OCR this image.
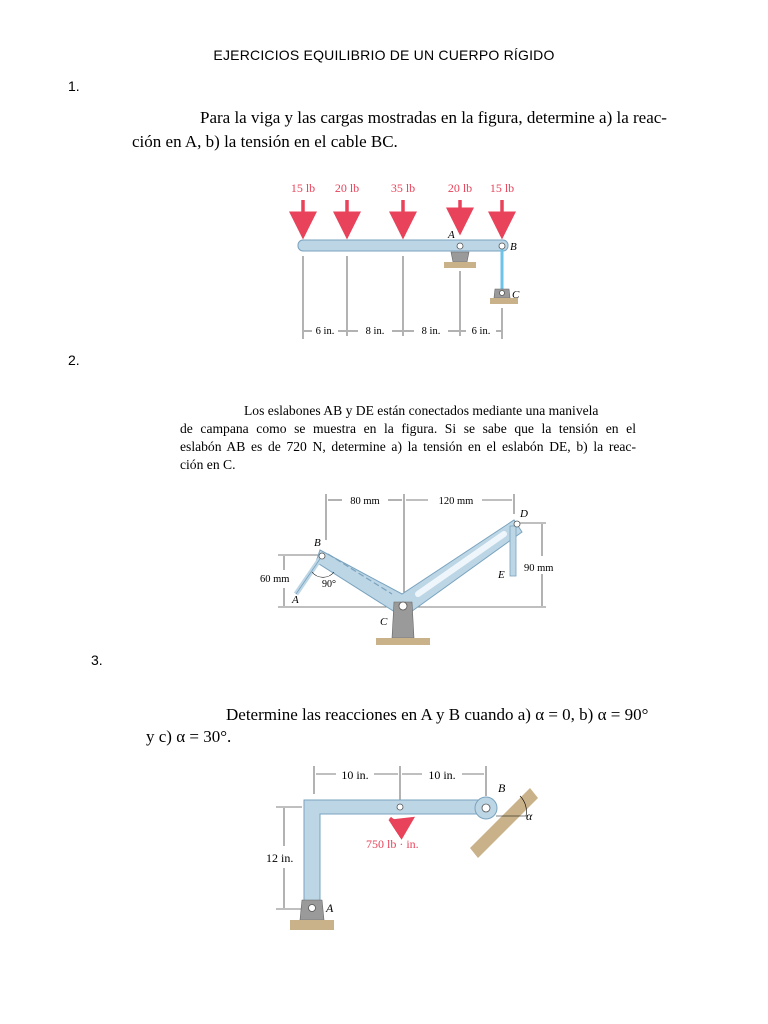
EJERCICIOS EQUILIBRIO DE UN CUERPO RÍGIDO
1.
Para la viga y las cargas mostradas en la figura, determine a) la reac-
ción en A, b) la tensión en el cable BC.
15 lb 20 lb	35 lb	20 lb 15 lb
A
B
C
6 in.	8 in.	8 in.	6 in.
2.
Los eslabones AB y DE están conectados mediante una manivela
de campana como se muestra en la figura. Si se sabe que la tensión en el
eslabón AB es de 720 N, determine a) la tensión en el eslabón DE, b) la reac-
ción en C.
80 mm	120 mm
60 mm
90 mm
90°
B
A
C
D
E
3.
Determine las reacciones en A y B cuando a) α = 0, b) α = 90°
y c) α = 30°.
10 in.	10 in.
12 in.
750 lb · in.
α
B
A
